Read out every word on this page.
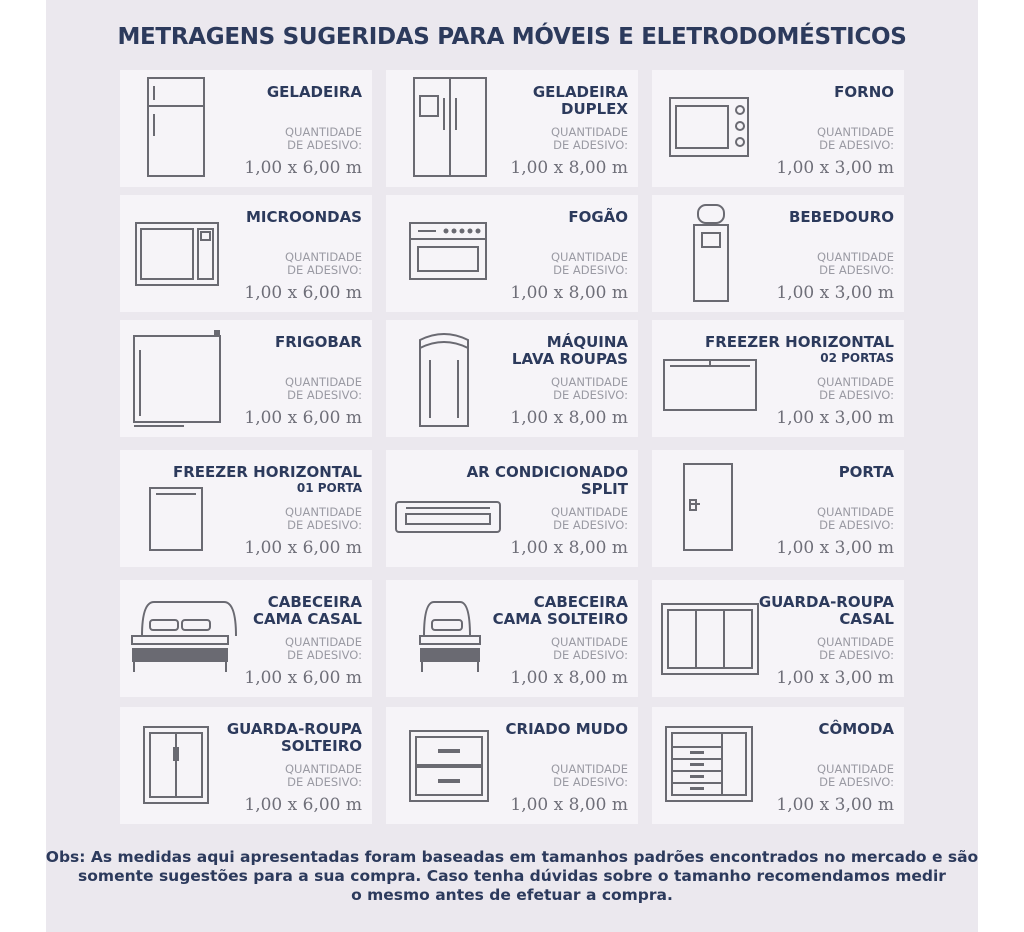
METRAGENS SUGERIDAS PARA MÓVEIS E ELETRODOMÉSTICOS
GELADEIRA
QUANTIDADE
DE ADESIVO:
1,00 x 6,00 m
GELADEIRA
DUPLEX
QUANTIDADE
DE ADESIVO:
1,00 x 8,00 m
FORNO
QUANTIDADE
DE ADESIVO:
1,00 x 3,00 m
MICROONDAS
QUANTIDADE
DE ADESIVO:
1,00 x 6,00 m
FOGÃO
QUANTIDADE
DE ADESIVO:
1,00 x 8,00 m
BEBEDOURO
QUANTIDADE
DE ADESIVO:
1,00 x 3,00 m
FRIGOBAR
QUANTIDADE
DE ADESIVO:
1,00 x 6,00 m
MÁQUINA
LAVA ROUPAS
QUANTIDADE
DE ADESIVO:
1,00 x 8,00 m
FREEZER HORIZONTAL
02 PORTAS
QUANTIDADE
DE ADESIVO:
1,00 x 3,00 m
FREEZER HORIZONTAL
01 PORTA
QUANTIDADE
DE ADESIVO:
1,00 x 6,00 m
AR CONDICIONADO
SPLIT
QUANTIDADE
DE ADESIVO:
1,00 x 8,00 m
PORTA
QUANTIDADE
DE ADESIVO:
1,00 x 3,00 m
CABECEIRA
CAMA CASAL
QUANTIDADE
DE ADESIVO:
1,00 x 6,00 m
CABECEIRA
CAMA SOLTEIRO
QUANTIDADE
DE ADESIVO:
1,00 x 8,00 m
GUARDA-ROUPA
CASAL
QUANTIDADE
DE ADESIVO:
1,00 x 3,00 m
GUARDA-ROUPA
SOLTEIRO
QUANTIDADE
DE ADESIVO:
1,00 x 6,00 m
CRIADO MUDO
QUANTIDADE
DE ADESIVO:
1,00 x 8,00 m
CÔMODA
QUANTIDADE
DE ADESIVO:
1,00 x 3,00 m
Obs: As medidas aqui apresentadas foram baseadas em tamanhos padrões encontrados no mercado e são
somente sugestões para a sua compra. Caso tenha dúvidas sobre o tamanho recomendamos medir
o mesmo antes de efetuar a compra.
